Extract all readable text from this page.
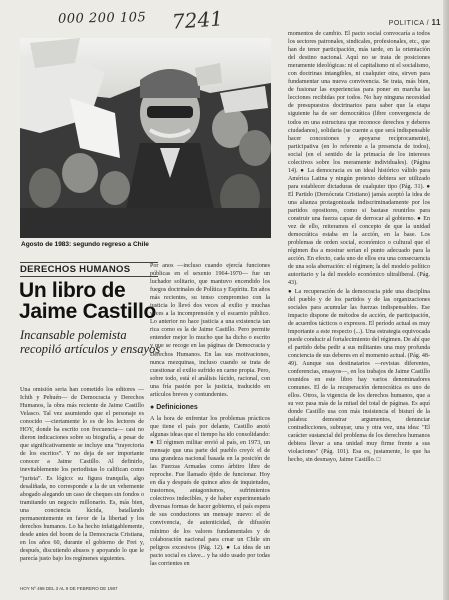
000 200 105 7241	POLITICA / 11
Agosto de 1983: segundo regreso a Chile
DERECHOS HUMANOS
Un libro de Jaime Castillo
Incansable polemista recopiló artículos y ensayos

Una omisión seria han cometido los editores —Ichth y Pehuén— de Democracia y Derechos Humanos, la obra más reciente de Jaime Castillo Velasco. Tal vez asumiendo que el personaje es conocido —ciertamente lo es de los lectores de HOY, donde ha escrito con frecuencia— casi no dieron indicaciones sobre su biografía, a pesar de que significativamente se incluye una “trayectoria de los escritos”. Y no deja de ser importante conocer a Jaime Castillo. Al definirlo, inevitablemente los periodistas lo califican como “jurista”. Es lógico: su figura tranquila, algo desaliñada, no corresponde a la de un vehemente abogado alegando un caso de cheques sin fondos o tramitando un negocio millonario. Es, más bien, una conciencia lúcida, batallando permanentemente en favor de la libertad y los derechos humanos. Lo ha hecho infatigablemente, desde antes del boom de la Democracia Cristiana, en los años 60, durante el gobierno de Frei y, después, discutiendo abusos y apoyando lo que le parecía justo bajo los regímenes siguientes.

Por anos —incluso cuando ejercía funciones públicas en el sexenio 1964-1970— fue un luchador solitario, que mantuvo encendido los fuegos doctrinales de Política y Espíritu. En años más recientes, su tenso compromiso con la justicia lo llevó dos veces al exilio y muchas veces a la incomprensión y el escarnio público. Lo anterior no hace justicia a una existencia tan rica como es la de Jaime Castillo. Pero permite entender mejor lo mucho que ha dicho o escrito y que se recoge en las páginas de Democracia y Derechos Humanos. En las sus motivaciones, nunca mezquinas, incluso cuando se trata de cuestionar el exilio sufrido en carne propia. Pero, sobre todo, está el análisis lúcido, racional, con una fría pasión por la justicia, traducido en artículos breves y contundentes.

● Definiciones

A la hora de enfrentar los problemas prácticos que tiene el país por delante, Castillo anotó algunas ideas que el tiempo ha ido consolidando: ● El régimen militar envió al país, en 1973, un mensaje que una parte del pueblo creyó: el de una grandeza nacional basada en la posición de las Fuerzas Armadas como árbitro libre de reproche. Fue llamado éjido de funcionar. Hoy en día y después de quince años de inquietudes, trastornos, antagonismos, sufrimientos colectivos indecibles, y de haber experimentado diversas formas de hacer gobierno, el país espera de sus conductores un mensaje nuevo: el de convivencia, de autenticidad, de difusión mínimo de los valores fundamentales y de colaboración nacional para crear un Chile sin peligros excesivos (Pág. 12). ● La idea de un pacto social es clave... y ha sido usado por todas las corrientes en

momentos de cambio. El pacto social convocaría a todos los sectores patronales, sindicales, profesionales, etc., que han de tener participación, más tarde, en la orientación del destino nacional. Aquí no se trata de posiciones meramente ideológicas: ni el capitalismo ni el socialismo, con doctrinas intangibles, ni cualquier otra, sirven para fundamentar una nueva convivencia. Se trata, más bien, de fusionar las experiencias para poner en marcha las lecciones recibidas por todos. No hay ninguna necesidad de presupuestos doctrinarios para saber que la etapa siguiente ha de ser democrática (libre convergencia de todos en una estructura que reconoce derechos y deberes ciudadanos), solidaria (se cuente a que será indispensable hacer concesiones y apoyarse recíprocamente), participativa (en lo referente a la presencia de todos), social (en el sentido de la primacía de los intereses colectivos sobre los meramente individuales). (Página 14). ● La democracia es un ideal histórico válido para América Latina y ningún pretexto debiera ser utilizado para establecer dictaduras de cualquier tipo (Pág. 31). ● El Partido (Demócrata Cristiano) jamás aceptó la idea de una alianza protagonizada indiscriminadamente por los partidos opositores, como si bastase reunirlos para construir una fuerza capaz de derrocar al gobierno. ● En vez de ello, reiteramos el concepto de que la unidad democrática estaba en la acción, en la base. Los problemas de orden social, económico o cultural que el régimen iba a mostrar serían el punto adecuado para la acción. En efecto, cada uno de ellos era una consecuencia de una sola aberración: el régimen; la del modelo político autoritario y la del modelo económico ultraliberal. (Pág. 43).

● La recuperación de la democracia pide una disciplina del pueblo y de los partidos y de las organizaciones sociales para acumular las fuerzas indispensables. Ese impacto dispone de métodos de acción, de participación, de acuerdos tácticos o expresos. El período actual es muy importante a este respecto (...). Una estrategia equivocada puede conducir al fortalecimiento del régimen. De ahí que el partido deba pedir a sus militantes una muy profunda conciencia de sus deberes en el momento actual. (Pág. 48-49). Aunque sus destinatarios —revistas diferentes, conferencias, ensayos—, en los trabajos de Jaime Castillo reunidos en este libro hay varios denominadores comunes. El de la recuperación democrática es uno de ellos. Otros, la vigencia de los derechos humanos, que a su vez pasa más de la mitad del total de páginas. Es aquí donde Castillo usa con más insistencia el bisturí de la palabra: demostrar argumentos, denunciar contradicciones, subrayar, una y otra vez, una idea: "El carácter sustancial del problema de los derechos humanos debiera llevar a una unidad muy firme frente a sus violaciones" (Pág. 101). Esa es, justamente, lo que ha hecho, sin desmayo, Jaime Castillo. □

HOY Nº 498 DEL 3 AL 9 DE FEBRERO DE 1987
